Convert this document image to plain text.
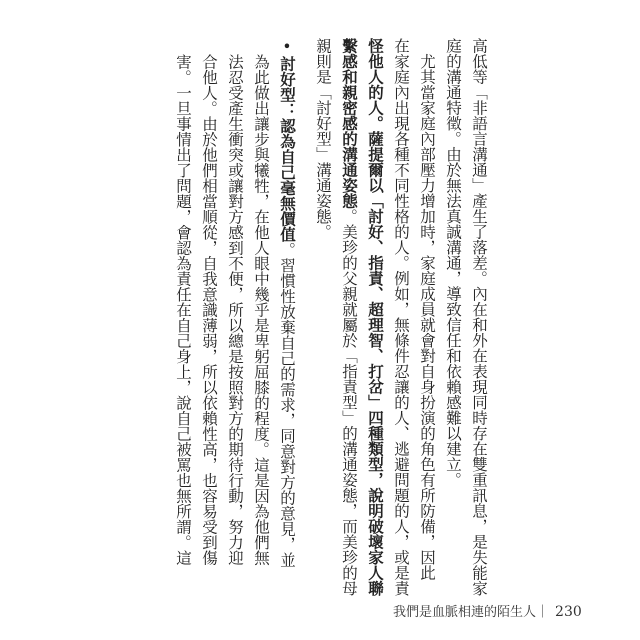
高低等「非語言溝通」產生了落差。內在和外在表現同時存在雙重訊息，是失能家
庭的溝通特徵。由於無法真誠溝通，導致信任和依賴感難以建立。
　尤其當家庭內部壓力增加時，家庭成員就會對自身扮演的角色有所防備，因此
在家庭內出現各種不同性格的人。例如，無條件忍讓的人、逃避問題的人，或是責
怪他人的人。薩提爾以「討好、指責、超理智、打岔」四種類型，說明破壞家人聯
繫感和親密感的溝通姿態。美珍的父親就屬於「指責型」的溝通姿態，而美珍的母
親則是「討好型」溝通姿態。
•討好型：認為自己毫無價值。習慣性放棄自己的需求，同意對方的意見，並
為此做出讓步與犧牲，在他人眼中幾乎是卑躬屈膝的程度。這是因為他們無
法忍受產生衝突或讓對方感到不便，所以總是按照對方的期待行動，努力迎
合他人。由於他們相當順從，自我意識薄弱，所以依賴性高，也容易受到傷
害。一旦事情出了問題，會認為責任在自己身上，說自己被罵也無所謂。這
我們是血脈相連的陌生人｜ 230
